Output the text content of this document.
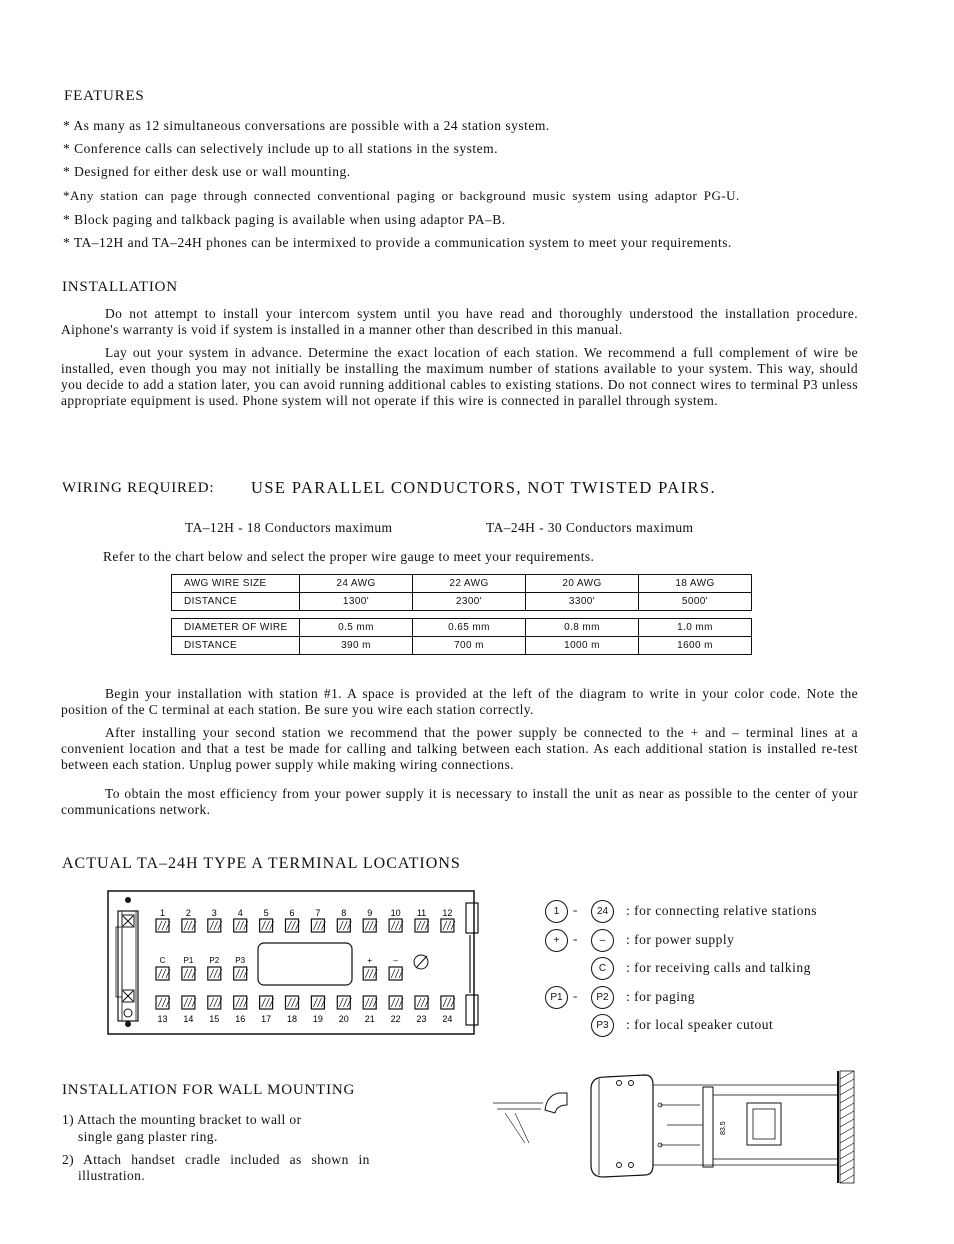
FEATURES
* As many as 12 simultaneous conversations are possible with a 24 station system.
* Conference calls can selectively include up to all stations in the system.
* Designed for either desk use or wall mounting.
*Any station can page through connected conventional paging or background music system using adaptor PG-U.
* Block paging and talkback paging is available when using adaptor PA–B.
* TA–12H and TA–24H phones can be intermixed to provide a communication system to meet your requirements.
INSTALLATION
Do not attempt to install your intercom system until you have read and thoroughly understood the installation procedure. Aiphone's warranty is void if system is installed in a manner other than described in this manual.
Lay out your system in advance. Determine the exact location of each station. We recommend a full complement of wire be installed, even though you may not initially be installing the maximum number of stations available to your system. This way, should you decide to add a station later, you can avoid running additional cables to existing stations. Do not connect wires to terminal P3 unless appropriate equipment is used. Phone system will not operate if this wire is connected in parallel through system.
WIRING REQUIRED: USE PARALLEL CONDUCTORS, NOT TWISTED PAIRS.
TA–12H - 18 Conductors maximum	TA–24H - 30 Conductors maximum
Refer to the chart below and select the proper wire gauge to meet your requirements.
AWG WIRE SIZE	24 AWG	22 AWG	20 AWG	18 AWG
DISTANCE	1300'	2300'	3300'	5000'
DIAMETER OF WIRE	0.5 mm	0.65 mm	0.8 mm	1.0 mm
DISTANCE	390 m	700 m	1000 m	1600 m
Begin your installation with station #1. A space is provided at the left of the diagram to write in your color code. Note the position of the C terminal at each station. Be sure you wire each station correctly.
After installing your second station we recommend that the power supply be connected to the + and – terminal lines at a convenient location and that a test be made for calling and talking between each station. As each additional station is installed re-test between each station. Unplug power supply while making wiring connections.
To obtain the most efficiency from your power supply it is necessary to install the unit as near as possible to the center of your communications network.
ACTUAL TA–24H TYPE A TERMINAL LOCATIONS
1 2 3 4 5 6 7 8 9 10 11 12
13 14 15 16 17 18 19 20 21 22 23 24
C P1 P2 P3	+	–
1	-	24	: for connecting relative stations
+	-	–	: for power supply
C	: for receiving calls and talking
P1 -	P2	: for paging
P3	: for local speaker cutout
INSTALLATION FOR WALL MOUNTING
1) Attach the mounting bracket to wall or
single gang plaster ring.
2) Attach handset cradle included as shown in
illustration.
83.5
